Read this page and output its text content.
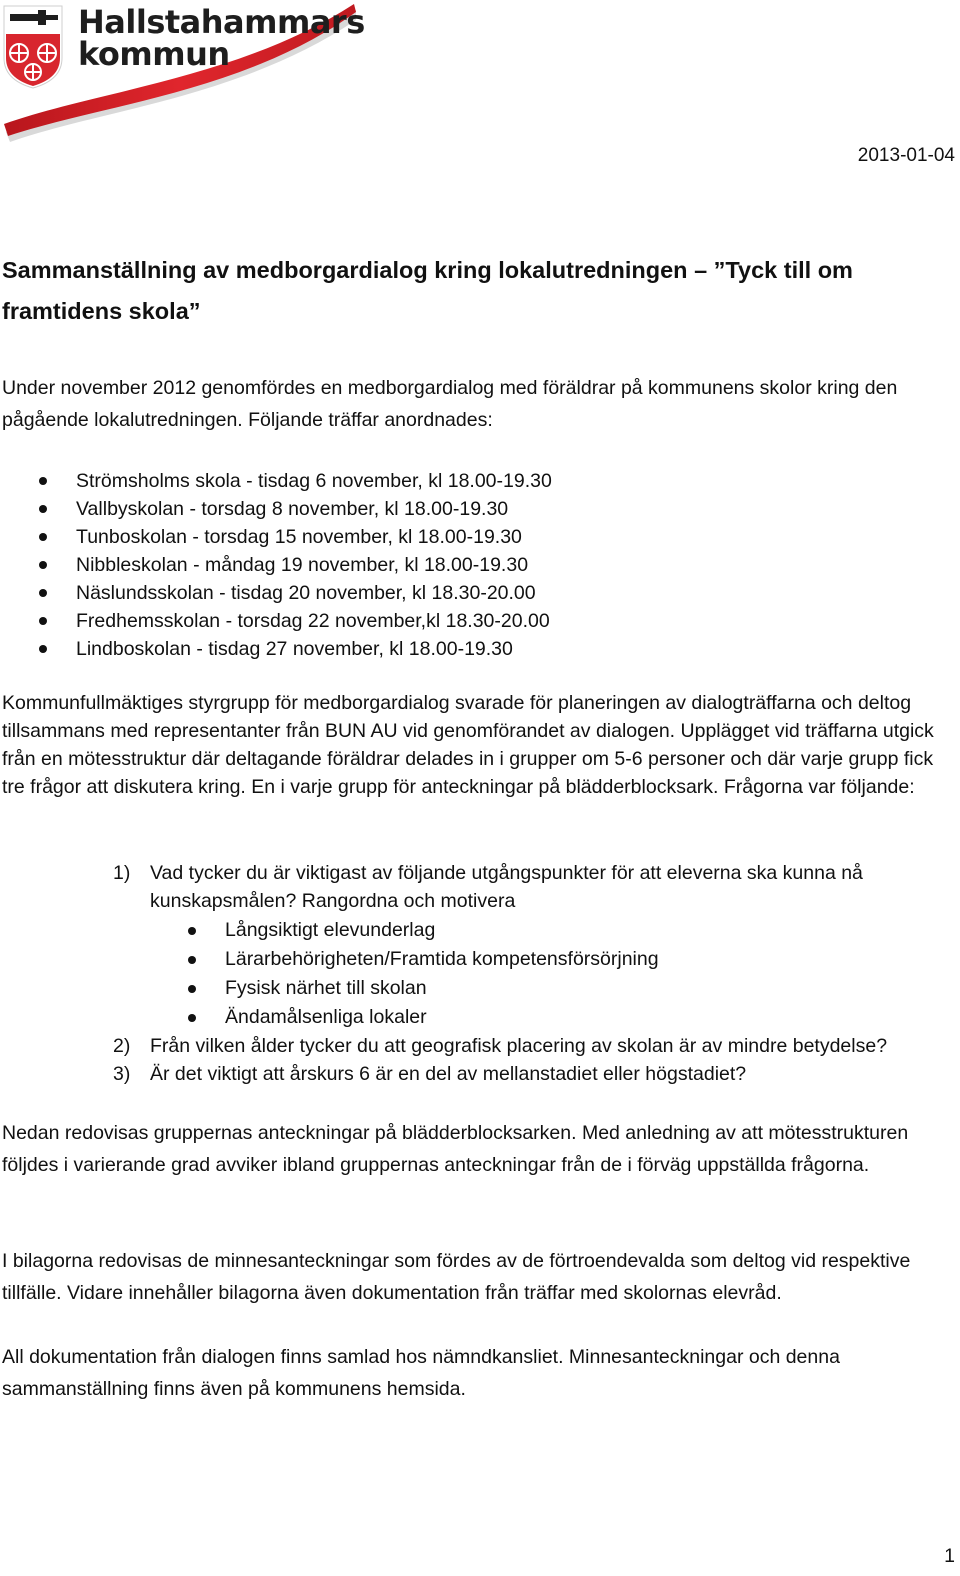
Hallstahammars
kommun
2013-01-04
Sammanställning av medborgardialog kring lokalutredningen – ”Tyck till om framtidens skola”
Under november 2012 genomfördes en medborgardialog med föräldrar på kommunens skolor kring den pågående lokalutredningen. Följande träffar anordnades:
Strömsholms skola - tisdag 6 november, kl 18.00-19.30
Vallbyskolan - torsdag 8 november, kl 18.00-19.30
Tunboskolan - torsdag 15 november, kl 18.00-19.30
Nibbleskolan - måndag 19 november, kl 18.00-19.30
Näslundsskolan - tisdag 20 november, kl 18.30-20.00
Fredhemsskolan - torsdag 22 november,kl 18.30-20.00
Lindboskolan - tisdag 27 november, kl 18.00-19.30
Kommunfullmäktiges styrgrupp för medborgardialog svarade för planeringen av dialogträffarna och deltog tillsammans med representanter från BUN AU vid genomförandet av dialogen. Upplägget vid träffarna utgick från en mötesstruktur där deltagande föräldrar delades in i grupper om 5-6 personer och där varje grupp fick tre frågor att diskutera kring. En i varje grupp för anteckningar på blädderblocksark. Frågorna var följande:
1) Vad tycker du är viktigast av följande utgångspunkter för att eleverna ska kunna nå kunskapsmålen? Rangordna och motivera
Långsiktigt elevunderlag
Lärarbehörigheten/Framtida kompetensförsörjning
Fysisk närhet till skolan
Ändamålsenliga lokaler
2) Från vilken ålder tycker du att geografisk placering av skolan är av mindre betydelse?
3) Är det viktigt att årskurs 6 är en del av mellanstadiet eller högstadiet?
Nedan redovisas gruppernas anteckningar på blädderblocksarken. Med anledning av att mötesstrukturen följdes i varierande grad avviker ibland gruppernas anteckningar från de i förväg uppställda frågorna.
I bilagorna redovisas de minnesanteckningar som fördes av de förtroendevalda som deltog vid respektive tillfälle. Vidare innehåller bilagorna även dokumentation från träffar med skolornas elevråd.
All dokumentation från dialogen finns samlad hos nämndkansliet. Minnesanteckningar och denna sammanställning finns även på kommunens hemsida.
1
